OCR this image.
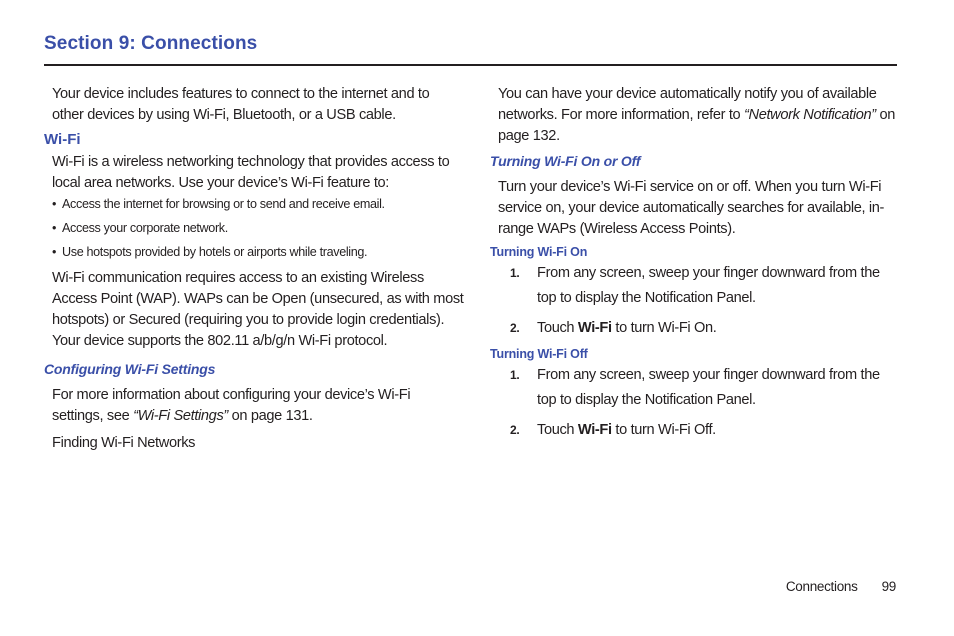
Section 9: Connections

Your device includes features to connect to the internet and to other devices by using Wi-Fi, Bluetooth, or a USB cable.

Wi-Fi

Wi-Fi is a wireless networking technology that provides access to local area networks. Use your device’s Wi-Fi feature to:

• Access the internet for browsing or to send and receive email.

• Access your corporate network.

• Use hotspots provided by hotels or airports while traveling.

Wi-Fi communication requires access to an existing Wireless Access Point (WAP). WAPs can be Open (unsecured, as with most hotspots) or Secured (requiring you to provide login credentials). Your device supports the 802.11 a/b/g/n Wi-Fi protocol.

Configuring Wi-Fi Settings

For more information about configuring your device’s Wi-Fi settings, see “Wi-Fi Settings” on page 131.

Finding Wi-Fi Networks

You can have your device automatically notify you of available networks. For more information, refer to “Network Notification” on page 132.

Turning Wi-Fi On or Off

Turn your device’s Wi-Fi service on or off. When you turn Wi-Fi service on, your device automatically searches for available, in-range WAPs (Wireless Access Points).

Turning Wi-Fi On
1.	From any screen, sweep your finger downward from the top to display the Notification Panel.
2.	Touch Wi-Fi to turn Wi-Fi On.
Turning Wi-Fi Off
1.	From any screen, sweep your finger downward from the top to display the Notification Panel.
2.	Touch Wi-Fi to turn Wi-Fi Off.
Connections 99
